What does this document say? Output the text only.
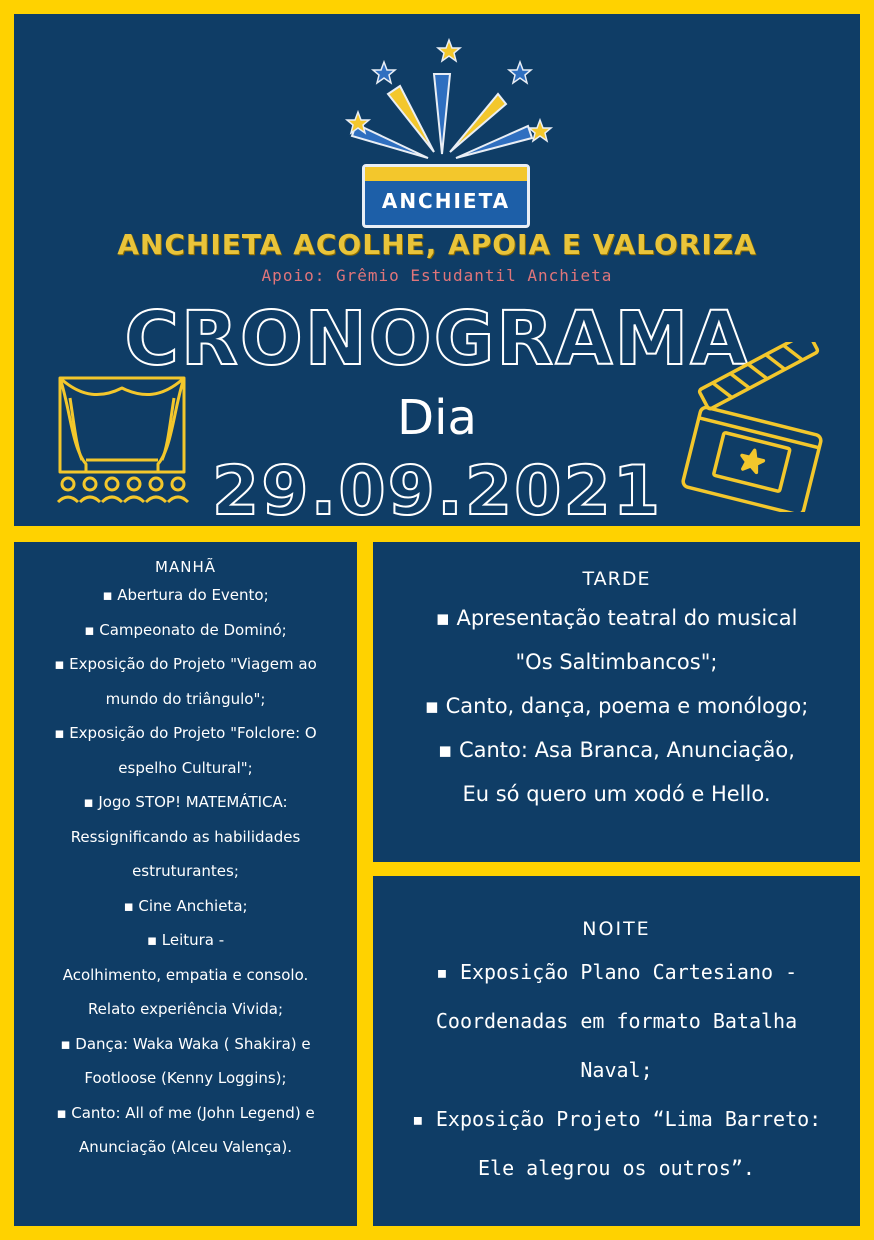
ANCHIETA
ANCHIETA ACOLHE, APOIA E VALORIZA
Apoio: Grêmio Estudantil Anchieta
CRONOGRAMA
Dia
29.09.2021
MANHÃ
▪ Abertura do Evento;
▪ Campeonato de Dominó;
▪ Exposição do Projeto "Viagem ao
mundo do triângulo";
▪ Exposição do Projeto "Folclore: O
espelho Cultural";
▪ Jogo STOP! MATEMÁTICA:
Ressignificando as habilidades
estruturantes;
▪ Cine Anchieta;
▪ Leitura -
Acolhimento, empatia e consolo.
Relato experiência Vivida;
▪ Dança: Waka Waka ( Shakira) e
Footloose (Kenny Loggins);
▪ Canto: All of me (John Legend) e
Anunciação (Alceu Valença).
TARDE
▪ Apresentação teatral do musical
"Os Saltimbancos";
▪ Canto, dança, poema e monólogo;
▪ Canto: Asa Branca, Anunciação,
Eu só quero um xodó e Hello.
NOITE
▪ Exposição Plano Cartesiano -
Coordenadas em formato Batalha
Naval;
▪ Exposição Projeto “Lima Barreto:
Ele alegrou os outros”.
